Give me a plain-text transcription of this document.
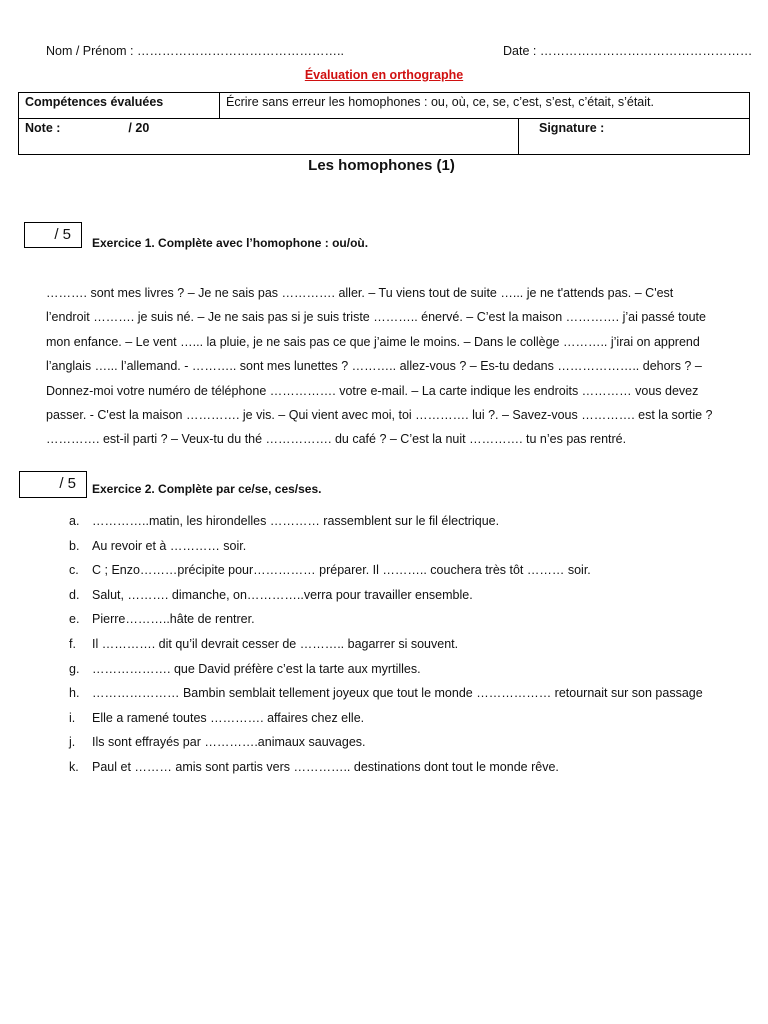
Nom / Prénom : …………………………………………..	Date : ……………………………………………
Évaluation en orthographe
Compétences évaluées	Écrire sans erreur les homophones : ou, où, ce, se, c’est, s’est, c’était, s’était.	
Note : / 20		Signature :
Les homophones (1)
/ 5	Exercice 1. Complète avec l’homophone : ou/où.
………. sont mes livres ? – Je ne sais pas …………. aller. – Tu viens tout de suite …... je ne t'attends pas. – C'est
l’endroit ………. je suis né. – Je ne sais pas si je suis triste ……….. énervé. – C’est la maison …………. j’ai passé toute
mon enfance. – Le vent …... la pluie, je ne sais pas ce que j’aime le moins. – Dans le collège ……….. j’irai on apprend
l’anglais …... l’allemand. - ……….. sont mes lunettes ? ……….. allez-vous ? – Es-tu dedans ……………….. dehors ? –
Donnez-moi votre numéro de téléphone ……………. votre e-mail. – La carte indique les endroits ………… vous devez
passer. - C'est la maison …………. je vis. – Qui vient avec moi, toi …………. lui ?. – Savez-vous …………. est la sortie ?
…………. est-il parti ? – Veux-tu du thé ……………. du café ? – C’est la nuit …………. tu n’es pas rentré.
/ 5	Exercice 2. Complète par ce/se, ces/ses.
a. …………..matin, les hirondelles ………… rassemblent sur le fil électrique.
b. Au revoir et à ………… soir.
c. C ; Enzo………précipite pour…………… préparer. Il ……….. couchera très tôt ……… soir.
d. Salut, ………. dimanche, on…………..verra pour travailler ensemble.
e. Pierre………..hâte de rentrer.
f. Il …………. dit qu’il devrait cesser de ……….. bagarrer si souvent.
g. ………………. que David préfère c’est la tarte aux myrtilles.
h. ………………… Bambin semblait tellement joyeux que tout le monde ……………… retournait sur son passage
i. Elle a ramené toutes …………. affaires chez elle.
j. Ils sont effrayés par ………….animaux sauvages.
k. Paul et ……… amis sont partis vers ………….. destinations dont tout le monde rêve.
